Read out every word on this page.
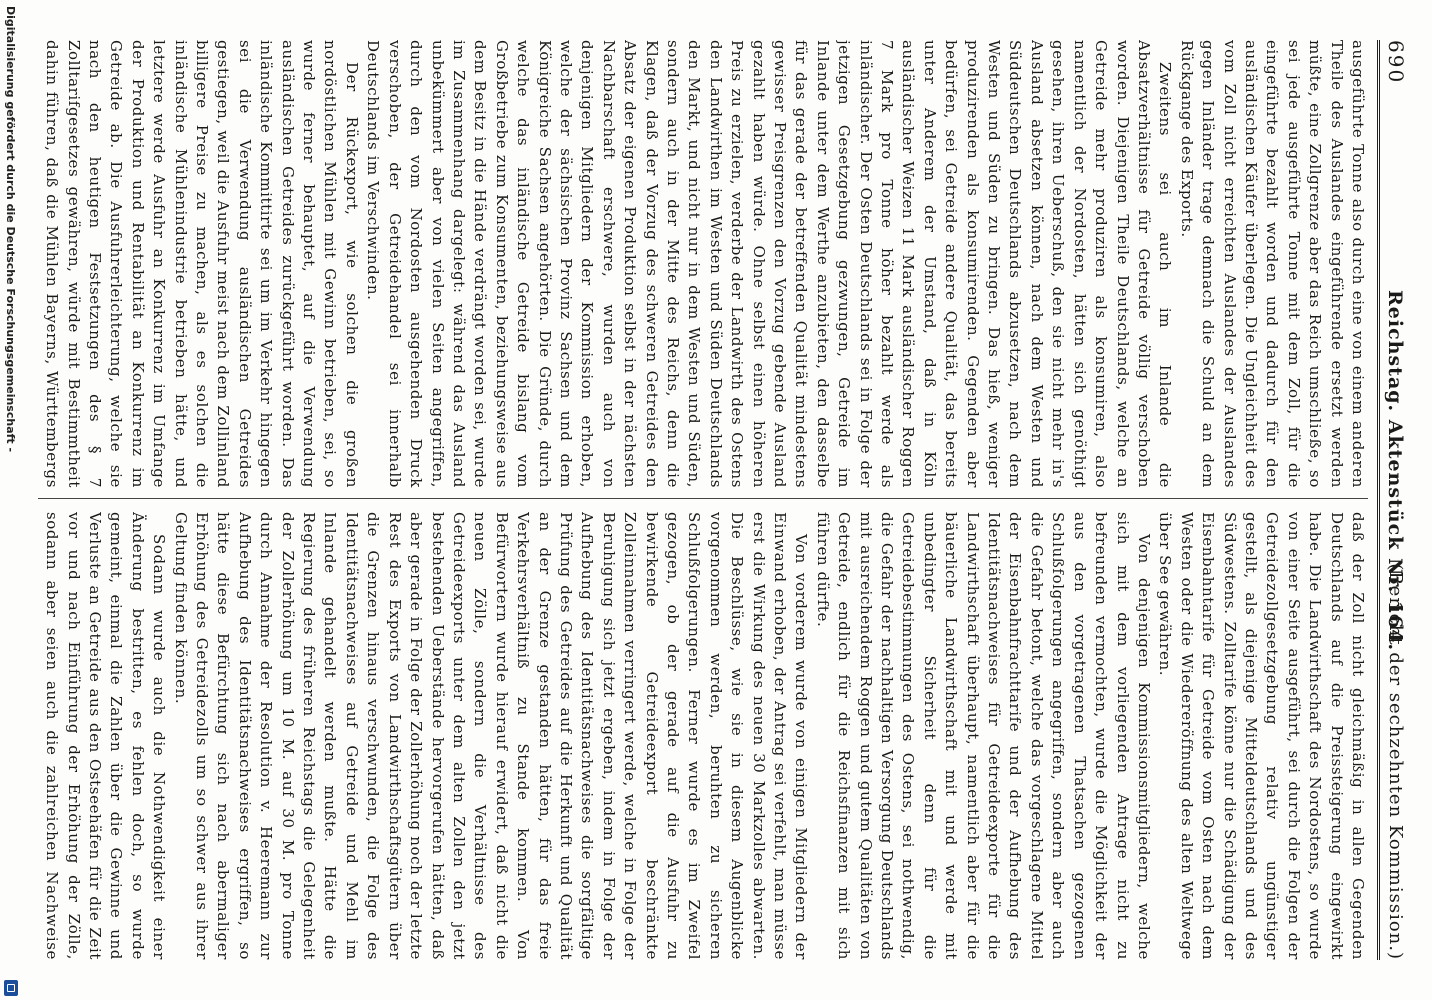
690
Reichstag. Aktenstück Nr. 164.
(Bericht der sechzehnten Kommission.)

ausgeführte Tonne also durch eine von einem anderen Theile des Auslandes eingeführende ersetzt werden müßte, eine Zollgrenze aber das Reich umschließe, so sei jede ausgeführte Tonne mit dem Zoll, für die eingeführte bezahlt worden und dadurch für den ausländischen Käufer überlegen. Die Ungleichheit des vom Zoll nicht erreichten Auslandes der Auslandes gegen Inländer trage demnach die Schuld an dem Rückgange des Exports.

Zweitens sei auch im Inlande die Absatzverhältnisse für Getreide völlig verschoben worden. Diejenigen Theile Deutschlands, welche an Getreide mehr produziren als konsumiren, also namentlich der Nordosten, hätten sich genöthigt gesehen, ihren Ueberschuß, den sie nicht mehr in's Ausland absetzen können, nach dem Westen und Süddeutschen Deutschlands abzusetzen, nach dem Westen und Süden zu bringen. Das hieß, weniger produzirenden als konsumirenden. Gegenden aber bedürfen, sei Getreide andere Qualität, das bereits unter Anderem der Umstand, daß in Köln ausländischer Weizen 11 Mark ausländischer Roggen 7 Mark pro Tonne höher bezahlt werde als inländischer. Der Osten Deutschlands sei in Folge der jetzigen Gesetzgebung gezwungen, Getreide im Inlande unter dem Werthe anzubieten, den dasselbe für das gerade der betreffenden Qualität mindestens gewisser Preisgrenzen den Vorzug gebende Ausland gezahlt haben würde. Ohne selbst einen höheren Preis zu erzielen, verderbe der Landwirth des Ostens den Landwirthen im Westen und Süden Deutschlands den Markt, und nicht nur in dem Westen und Süden, sondern auch in der Mitte des Reichs, denn die Klagen, daß der Vorzug des schweren Getreides den Absatz der eigenen Produktion selbst in der nächsten Nachbarschaft erschwere, wurden auch von denjenigen Mitgliedern der Kommission erhoben, welche der sächsischen Provinz Sachsen und dem Königreiche Sachsen angehörten. Die Gründe, durch welche das inländische Getreide bislang vom Großbetriebe zum Konsumenten, beziehungsweise aus dem Besitz in die Hände verdrängt worden sei, wurde im Zusammenhang dargelegt: während das Ausland unbekümmert aber von vielen Seiten angegriffen, durch den vom Nordosten ausgehenden Druck verschoben, der Getreidehandel sei innerhalb Deutschlands im Verschwinden.

Der Rückexport, wie solchen die großen nordöstlichen Mühlen mit Gewinn betrieben, sei, so wurde ferner behauptet, auf die Verwendung ausländischen Getreides zurückgeführt worden. Das inländische Kommittirte sei um im Verkehr hingegen sei die Verwendung ausländischen Getreides gestiegen, weil die Ausfuhr meist nach dem Zollinland billigere Preise zu machen, als es solchen die inländische Mühlenindustrie betrieben hätte, und letztere werde Ausfuhr an Konkurrenz im Umfange der Produktion und Rentabilität an Konkurrenz im Getreide ab. Die Ausfuhrerleichterung, welche sie nach den heutigen Festsetzungen des § 7 Zolltarifgesetzes gewähren, würde mit Bestimmtheit dahin führen, daß die Mühlen Bayerns, Württembergs

daß der Zoll nicht gleichmäßig in allen Gegenden Deutschlands auf die Preissteigerung eingewirkt habe. Die Landwirthschaft des Nordostens, so wurde von einer Seite ausgeführt, sei durch die Folgen der Getreidezollgesetzgebung relativ ungünstiger gestellt, als diejenige Mitteldeutschlands und des Südwestens. Zolltarife könne nur die Schädigung der Eisenbahntarife für Getreide vom Osten nach dem Westen oder die Wiedereröffnung des alten Weltwege über See gewähren.

Von denjenigen Kommissionsmitgliedern, welche sich mit dem vorliegenden Antrage nicht zu befreunden vermochten, wurde die Möglichkeit der aus den vorgetragenen Thatsachen gezogenen Schlußfolgerungen angegriffen, sondern aber auch die Gefahr betont, welche das vorgeschlagene Mittel der Eisenbahnfrachttarife und der Aufhebung des Identitätsnachweises für Getreideexporte für die Landwirthschaft überhaupt, namentlich aber für die bäuerliche Landwirthschaft mit und werde mit unbedingter Sicherheit denn für die Getreidebestimmungen des Ostens, sei nothwendig, die Gefahr der nachhaltigen Versorgung Deutschlands mit ausreichendem Roggen und gutem Qualitäten von Getreide, endlich für die Reichsfinanzen mit sich führen dürfte.

Von vorderem wurde von einigen Mitgliedern der Einwand erhoben, der Antrag sei verfehlt, man müsse erst die Wirkung des neuen 30 Markzolles abwarten. Die Beschlüsse, wie sie in diesem Augenblicke vorgenommen werden, beruhten zu sicheren Schlußfolgerungen. Ferner wurde es im Zweifel gezogen, ob der gerade auf die Ausfuhr zu bewirkende Getreideexport beschränkte Zolleinnahmen verringert werde, welche in Folge der Beruhigung sich jetzt ergeben, indem in Folge der Aufhebung des Identitätsnachweises die sorgfältige Prüfung des Getreides auf die Herkunft und Qualität an der Grenze gestanden hätten, für das freie Verkehrsverhältniß zu Stande kommen. Von Befürwortern wurde hierauf erwidert, daß nicht die neuen Zölle, sondern die Verhältnisse des Getreideexports unter dem alten Zollen den jetzt bestehenden Ueberstände hervorgerufen hätten, daß aber gerade in Folge der Zollerhöhung noch der letzte Rest des Exports von Landwirthschaftsgütern über die Grenzen hinaus verschwunden, die Folge des Identitätsnachweises auf Getreide und Mehl im Inlande gehandelt werden mußte. Hätte die Regierung des früheren Reichstags die Gelegenheit der Zollerhöhung um 10 M. auf 30 M. pro Tonne durch Annahme der Resolution v. Heeremann zur Aufhebung des Identitätsnachweises ergriffen, so hätte diese Befürchtung sich nach abermaliger Erhöhung des Getreidezolls um so schwer aus ihrer Geltung finden können.

Sodann wurde auch die Nothwendigkeit einer Änderung bestritten, es fehlen doch, so wurde gemeint, einmal die Zahlen über die Gewinne und Verluste an Getreide aus den Ostseehäfen für die Zeit vor und nach Einführung der Erhöhung der Zölle, sodann aber seien auch die zahlreichen Nachweise

Digitalisierung gefördert durch die Deutsche Forschungsgemeinschaft -
